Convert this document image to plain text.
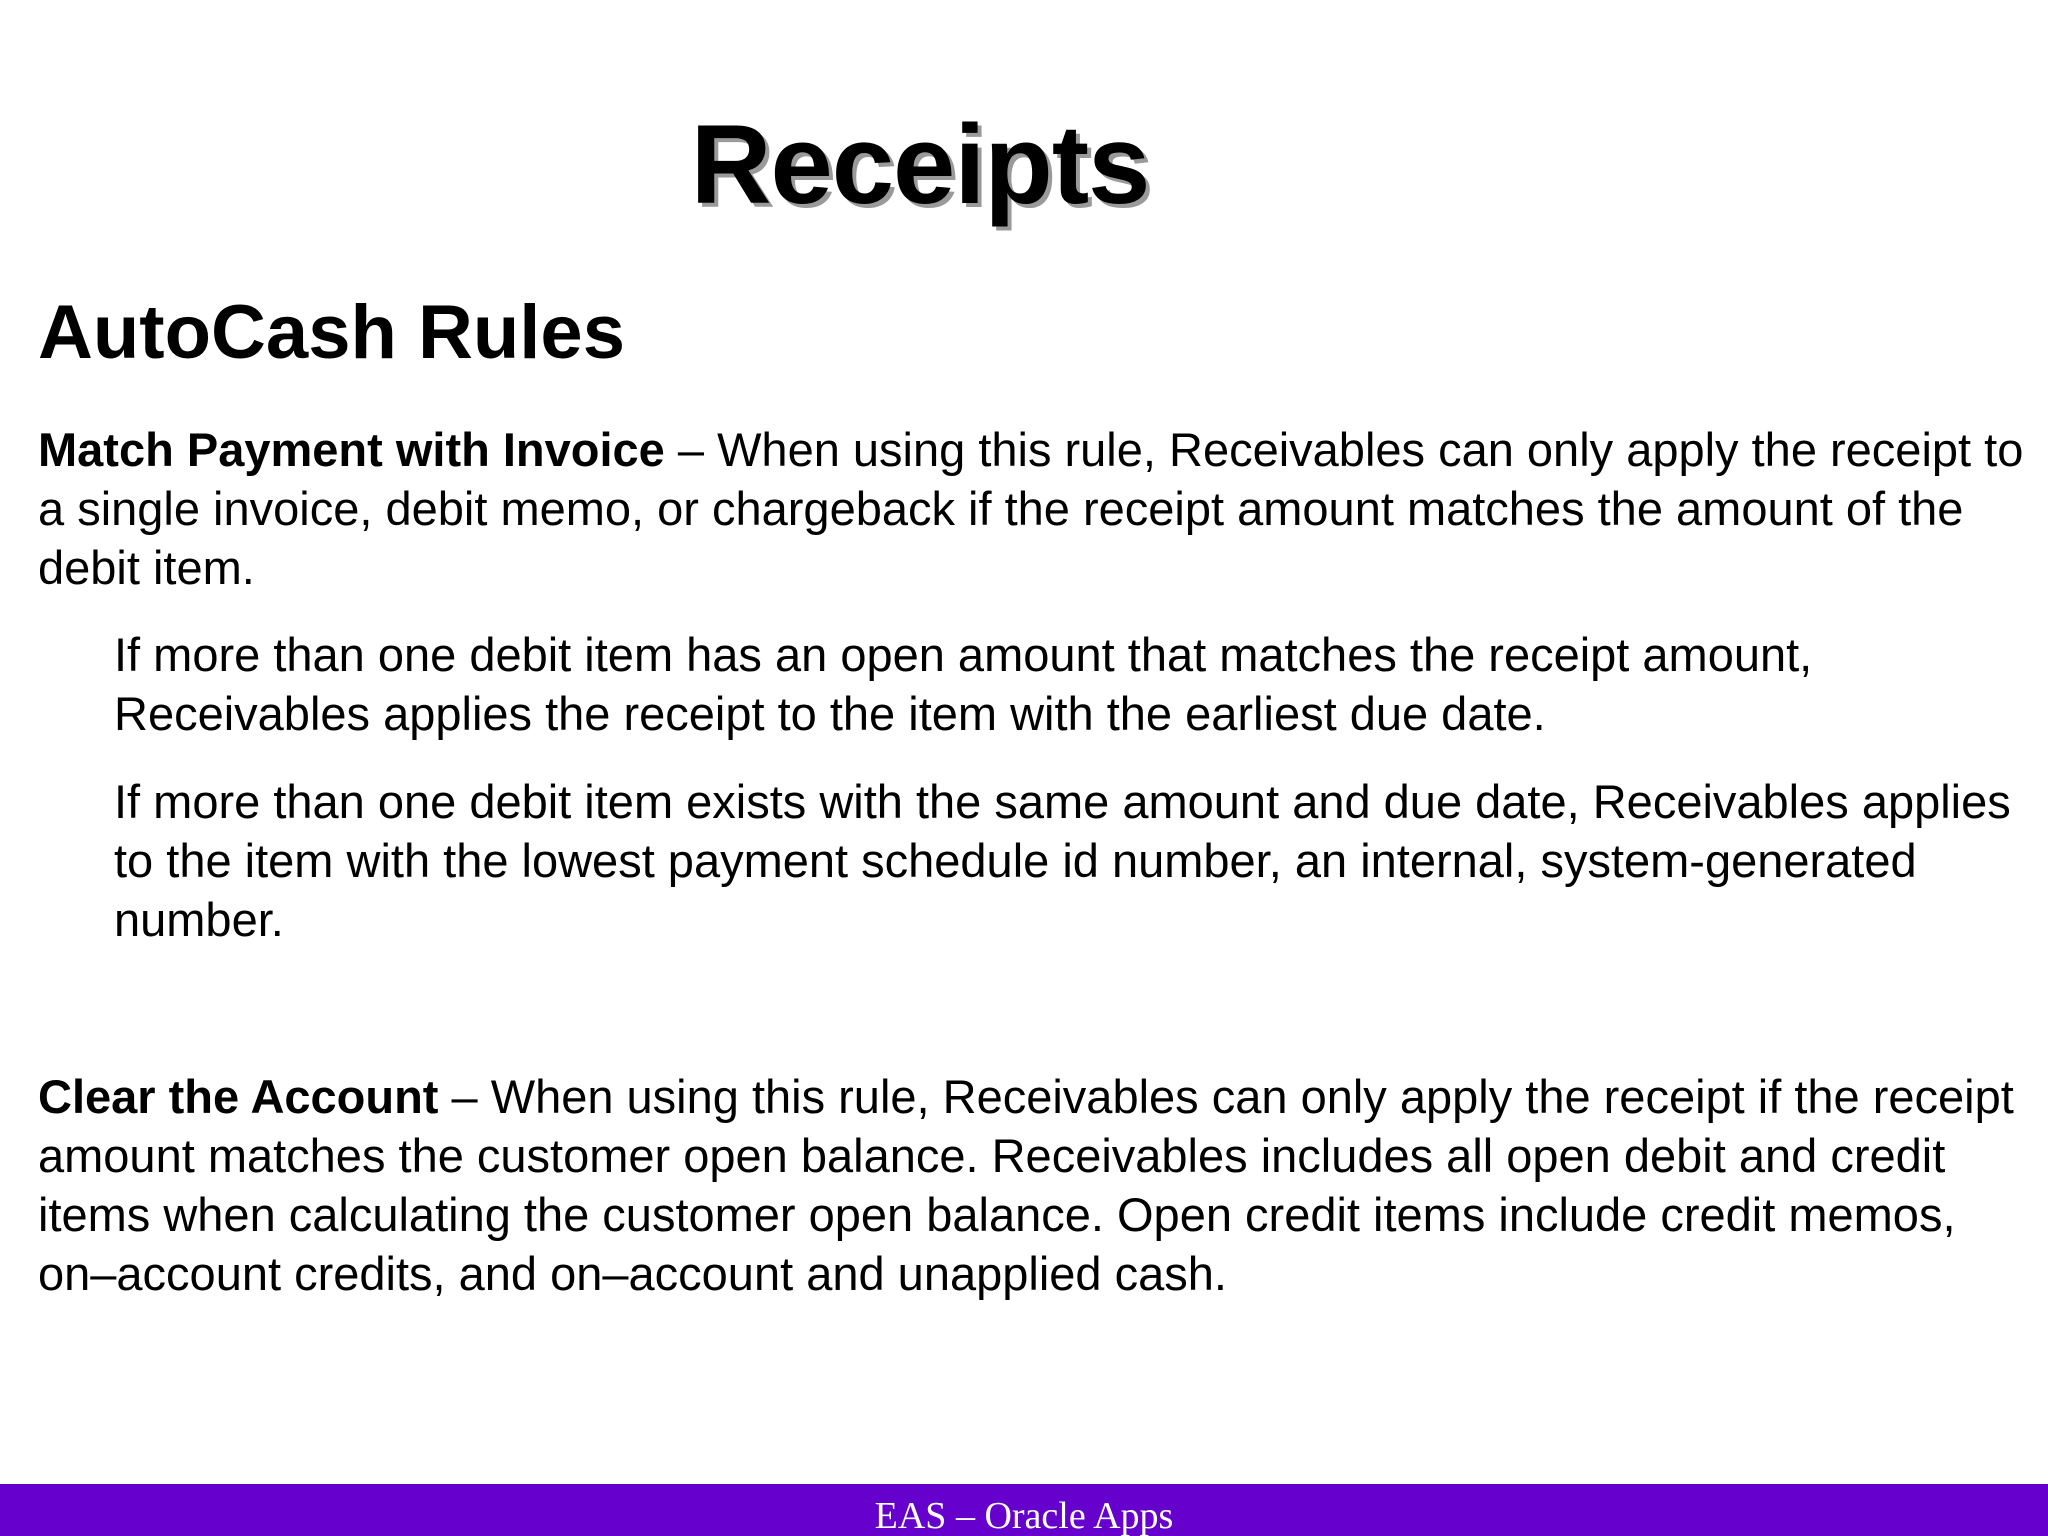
Receipts
AutoCash Rules

Match Payment with Invoice – When using this rule, Receivables can only apply the receipt to a single invoice, debit memo, or chargeback if the receipt amount matches the amount of the debit item.

If more than one debit item has an open amount that matches the receipt amount, Receivables applies the receipt to the item with the earliest due date.

If more than one debit item exists with the same amount and due date, Receivables applies to the item with the lowest payment schedule id number, an internal, system-generated number.

Clear the Account – When using this rule, Receivables can only apply the receipt if the receipt amount matches the customer open balance. Receivables includes all open debit and credit items when calculating the customer open balance. Open credit items include credit memos, on–account credits, and on–account and unapplied cash.

EAS – Oracle Apps
